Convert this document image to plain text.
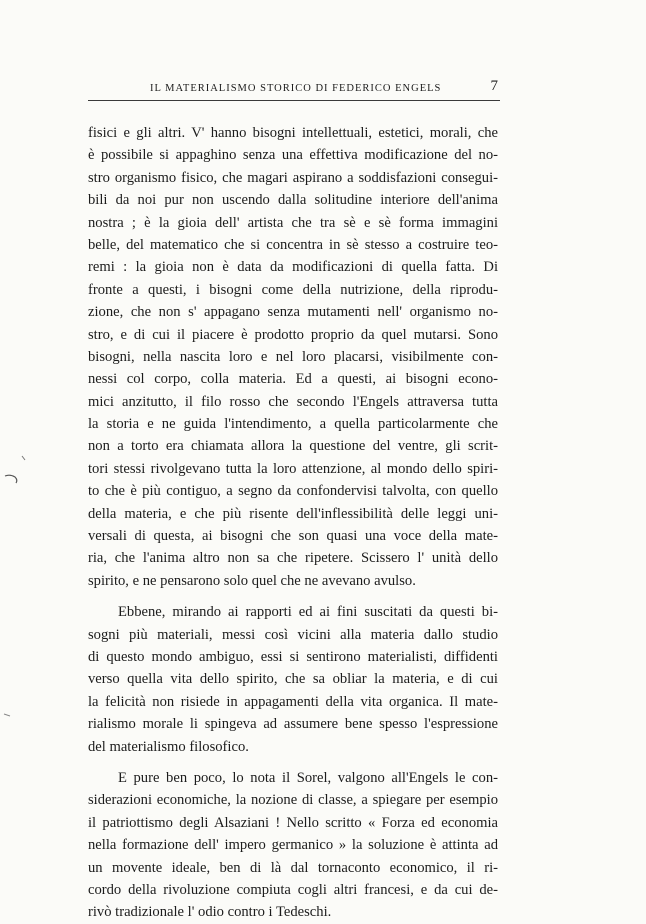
IL MATERIALISMO STORICO DI FEDERICO ENGELS	7
fisici e gli altri. V' hanno bisogni intellettuali, estetici, morali, che
è possibile si appaghino senza una effettiva modificazione del no-
stro organismo fisico, che magari aspirano a soddisfazioni consegui-
bili da noi pur non uscendo dalla solitudine interiore dell'anima
nostra ; è la gioia dell' artista che tra sè e sè forma immagini
belle, del matematico che si concentra in sè stesso a costruire teo-
remi : la gioia non è data da modificazioni di quella fatta. Di
fronte a questi, i bisogni come della nutrizione, della riprodu-
zione, che non s' appagano senza mutamenti nell' organismo no-
stro, e di cui il piacere è prodotto proprio da quel mutarsi. Sono
bisogni, nella nascita loro e nel loro placarsi, visibilmente con-
nessi col corpo, colla materia. Ed a questi, ai bisogni econo-
mici anzitutto, il filo rosso che secondo l'Engels attraversa tutta
la storia e ne guida l'intendimento, a quella particolarmente che
non a torto era chiamata allora la questione del ventre, gli scrit-
tori stessi rivolgevano tutta la loro attenzione, al mondo dello spiri-
to che è più contiguo, a segno da confondervisi talvolta, con quello
della materia, e che più risente dell'inflessibilità delle leggi uni-
versali di questa, ai bisogni che son quasi una voce della mate-
ria, che l'anima altro non sa che ripetere. Scissero l' unità dello
spirito, e ne pensarono solo quel che ne avevano avulso.
Ebbene, mirando ai rapporti ed ai fini suscitati da questi bi-
sogni più materiali, messi così vicini alla materia dallo studio
di questo mondo ambiguo, essi si sentirono materialisti, diffidenti
verso quella vita dello spirito, che sa obliar la materia, e di cui
la felicità non risiede in appagamenti della vita organica. Il mate-
rialismo morale li spingeva ad assumere bene spesso l'espressione
del materialismo filosofico.
E pure ben poco, lo nota il Sorel, valgono all'Engels le con-
siderazioni economiche, la nozione di classe, a spiegare per esempio
il patriottismo degli Alsaziani ! Nello scritto « Forza ed economia
nella formazione dell' impero germanico » la soluzione è attinta ad
un movente ideale, ben di là dal tornaconto economico, il ri-
cordo della rivoluzione compiuta cogli altri francesi, e da cui de-
rivò tradizionale l' odio contro i Tedeschi.
